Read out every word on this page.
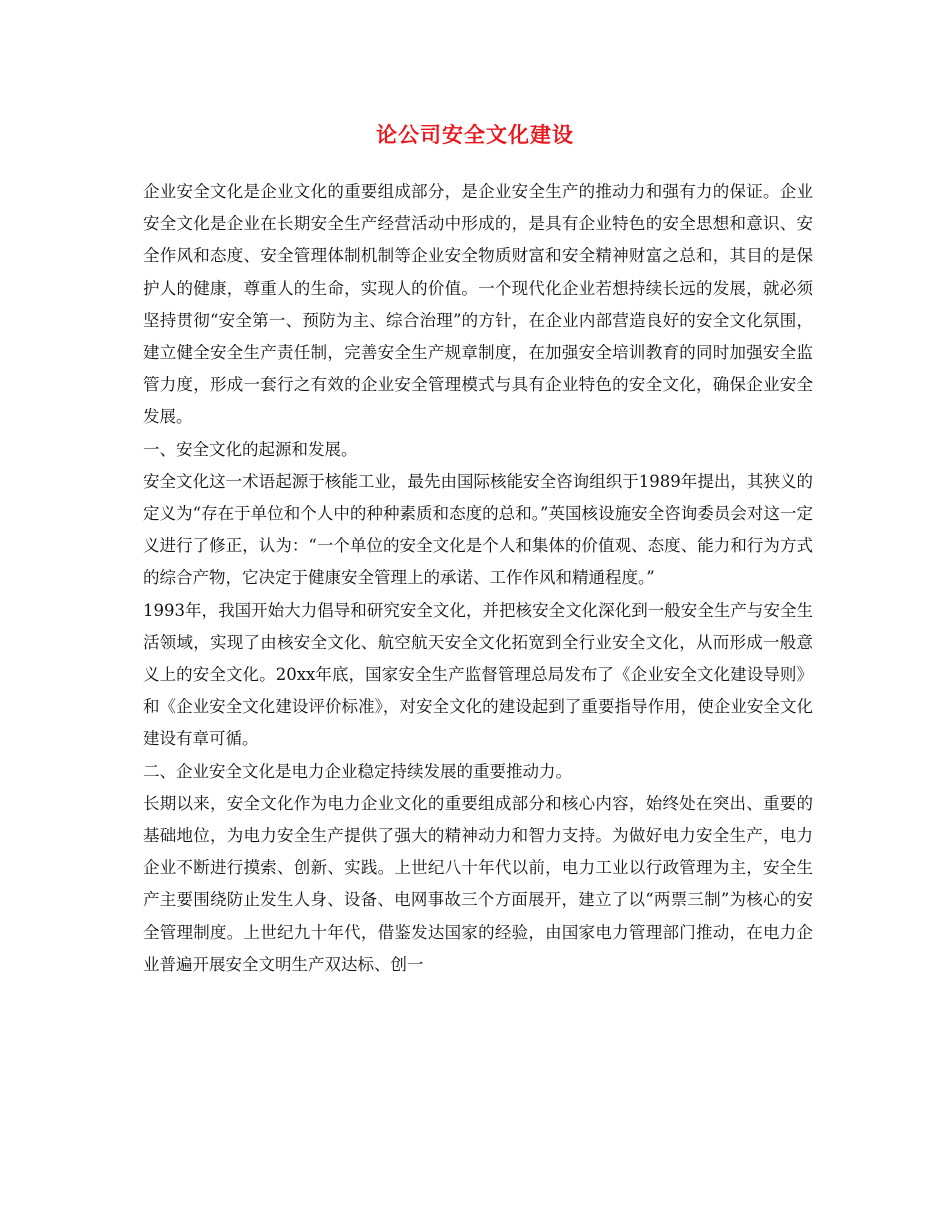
论公司安全文化建设

企业安全文化是企业文化的重要组成部分，是企业安全生产的推动力和强有力的保证。企业安全文化是企业在长期安全生产经营活动中形成的，是具有企业特色的安全思想和意识、安全作风和态度、安全管理体制机制等企业安全物质财富和安全精神财富之总和，其目的是保护人的健康，尊重人的生命，实现人的价值。一个现代化企业若想持续长远的发展，就必须坚持贯彻“安全第一、预防为主、综合治理”的方针，在企业内部营造良好的安全文化氛围，建立健全安全生产责任制，完善安全生产规章制度，在加强安全培训教育的同时加强安全监管力度，形成一套行之有效的企业安全管理模式与具有企业特色的安全文化，确保企业安全发展。

一、安全文化的起源和发展。

安全文化这一术语起源于核能工业，最先由国际核能安全咨询组织于1989年提出，其狭义的定义为“存在于单位和个人中的种种素质和态度的总和。”英国核设施安全咨询委员会对这一定义进行了修正，认为：“一个单位的安全文化是个人和集体的价值观、态度、能力和行为方式的综合产物，它决定于健康安全管理上的承诺、工作作风和精通程度。”

1993年，我国开始大力倡导和研究安全文化，并把核安全文化深化到一般安全生产与安全生活领域，实现了由核安全文化、航空航天安全文化拓宽到全行业安全文化，从而形成一般意义上的安全文化。20xx年底，国家安全生产监督管理总局发布了《企业安全文化建设导则》和《企业安全文化建设评价标准》，对安全文化的建设起到了重要指导作用，使企业安全文化建设有章可循。

二、企业安全文化是电力企业稳定持续发展的重要推动力。

长期以来，安全文化作为电力企业文化的重要组成部分和核心内容，始终处在突出、重要的基础地位，为电力安全生产提供了强大的精神动力和智力支持。为做好电力安全生产，电力企业不断进行摸索、创新、实践。上世纪八十年代以前，电力工业以行政管理为主，安全生产主要围绕防止发生人身、设备、电网事故三个方面展开，建立了以“两票三制”为核心的安全管理制度。上世纪九十年代，借鉴发达国家的经验，由国家电力管理部门推动，在电力企业普遍开展安全文明生产双达标、创一
